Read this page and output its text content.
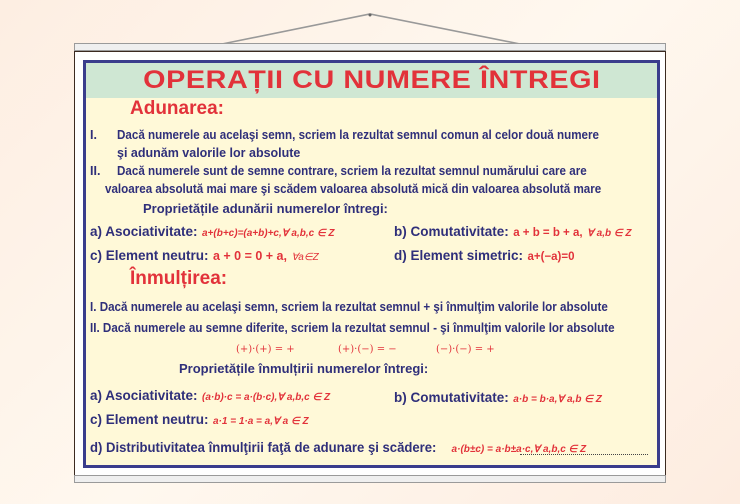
OPERAȚII CU NUMERE ÎNTREGI
Adunarea:
I. Dacă numerele au acelaşi semn, scriem la rezultat semnul comun al celor două numere
şi adunăm valorile lor absolute
II. Dacă numerele sunt de semne contrare, scriem la rezultat semnul numărului care are
valoarea absolută mai mare şi scădem valoarea absolută mică din valoarea absolută mare
Proprietățile adunării numerelor întregi:
a) Asociativitate: a+(b+c)=(a+b)+c,∀ a,b,c ∈ Z	b) Comutativitate: a + b = b + a, ∀ a,b ∈ Z
c) Element neutru: a + 0 = 0 + a, ∀a∈Z	d) Element simetric: a+(−a)=0
Înmulțirea:
I. Dacă numerele au acelaşi semn, scriem la rezultat semnul + şi înmulţim valorile lor absolute
II. Dacă numerele au semne diferite, scriem la rezultat semnul - şi înmulţim valorile lor absolute
(+)·(+) = +	(+)·(−) = −	(−)·(−) = +
Proprietățile înmulțirii numerelor întregi:
a) Asociativitate: (a·b)·c = a·(b·c),∀ a,b,c ∈ Z	b) Comutativitate: a·b = b·a,∀ a,b ∈ Z
c) Element neutru: a·1 = 1·a = a,∀ a ∈ Z
d) Distributivitatea înmulţirii faţă de adunare şi scădere: a·(b±c) = a·b±a·c,∀ a,b,c ∈ Z
